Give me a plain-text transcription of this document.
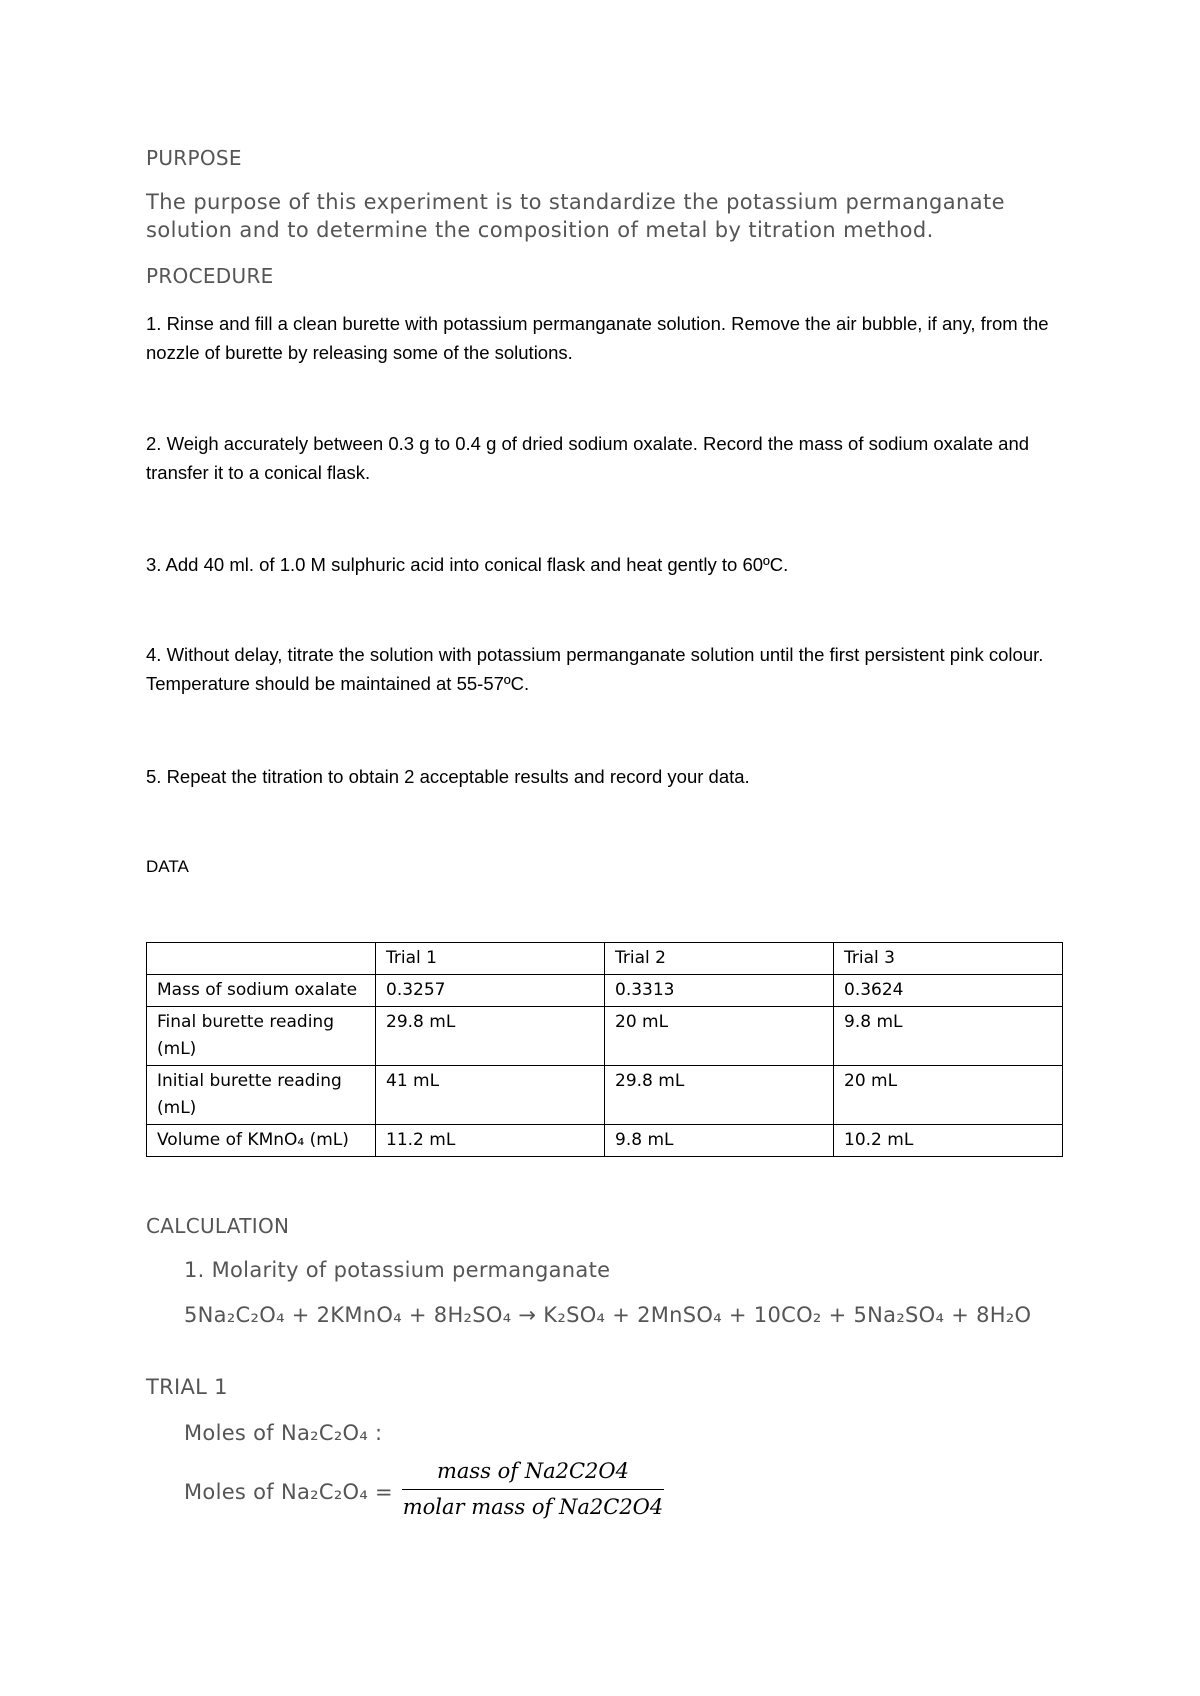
PURPOSE
The purpose of this experiment is to standardize the potassium permanganate solution and to determine the composition of metal by titration method.
PROCEDURE
1. Rinse and fill a clean burette with potassium permanganate solution. Remove the air bubble, if any, from the nozzle of burette by releasing some of the solutions.
2. Weigh accurately between 0.3 g to 0.4 g of dried sodium oxalate. Record the mass of sodium oxalate and transfer it to a conical flask.
3. Add 40 ml. of 1.0 M sulphuric acid into conical flask and heat gently to 60ºC.
4. Without delay, titrate the solution with potassium permanganate solution until the first persistent pink colour. Temperature should be maintained at 55-57ºC.
5. Repeat the titration to obtain 2 acceptable results and record your data.
DATA
	Trial 1	Trial 2	Trial 3
Mass of sodium oxalate	0.3257	0.3313	0.3624
Final burette reading (mL)	29.8 mL	20 mL	9.8 mL
Initial burette reading (mL)	41 mL	29.8 mL	20 mL
Volume of KMnO₄ (mL)	11.2 mL	9.8 mL	10.2 mL
CALCULATION
1. Molarity of potassium permanganate
5Na₂C₂O₄ + 2KMnO₄ + 8H₂SO₄ → K₂SO₄ + 2MnSO₄ + 10CO₂ + 5Na₂SO₄ + 8H₂O
TRIAL 1
Moles of Na₂C₂O₄ :
Moles of Na₂C₂O₄ =
mass of Na2C2O4
molar mass of Na2C2O4
